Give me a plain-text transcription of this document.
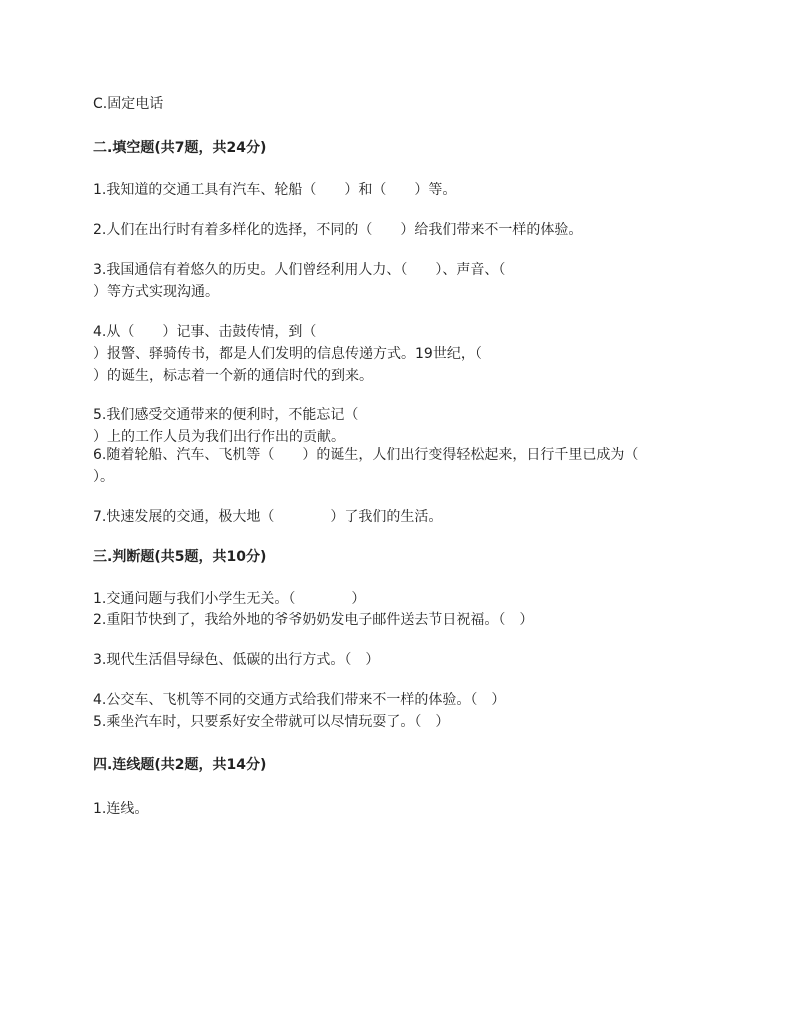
C.固定电话
二.填空题(共7题，共24分)
1.我知道的交通工具有汽车、轮船（　　）和（　　）等。
2.人们在出行时有着多样化的选择，不同的（　　）给我们带来不一样的体验。
3.我国通信有着悠久的历史。人们曾经利用人力、（　　）、声音、（
）等方式实现沟通。
4.从（　　）记事、击鼓传情，到（
）报警、驿骑传书，都是人们发明的信息传递方式。19世纪，（
）的诞生，标志着一个新的通信时代的到来。
5.我们感受交通带来的便利时，不能忘记（
）上的工作人员为我们出行作出的贡献。
6.随着轮船、汽车、飞机等（　　）的诞生，人们出行变得轻松起来，日行千里已成为（
）。
7.快速发展的交通，极大地（　　　　）了我们的生活。
三.判断题(共5题，共10分)
1.交通问题与我们小学生无关。（　　　　）
2.重阳节快到了，我给外地的爷爷奶奶发电子邮件送去节日祝福。（　）
3.现代生活倡导绿色、低碳的出行方式。（　）
4.公交车、飞机等不同的交通方式给我们带来不一样的体验。（　）
5.乘坐汽车时，只要系好安全带就可以尽情玩耍了。（　）
四.连线题(共2题，共14分)
1.连线。
